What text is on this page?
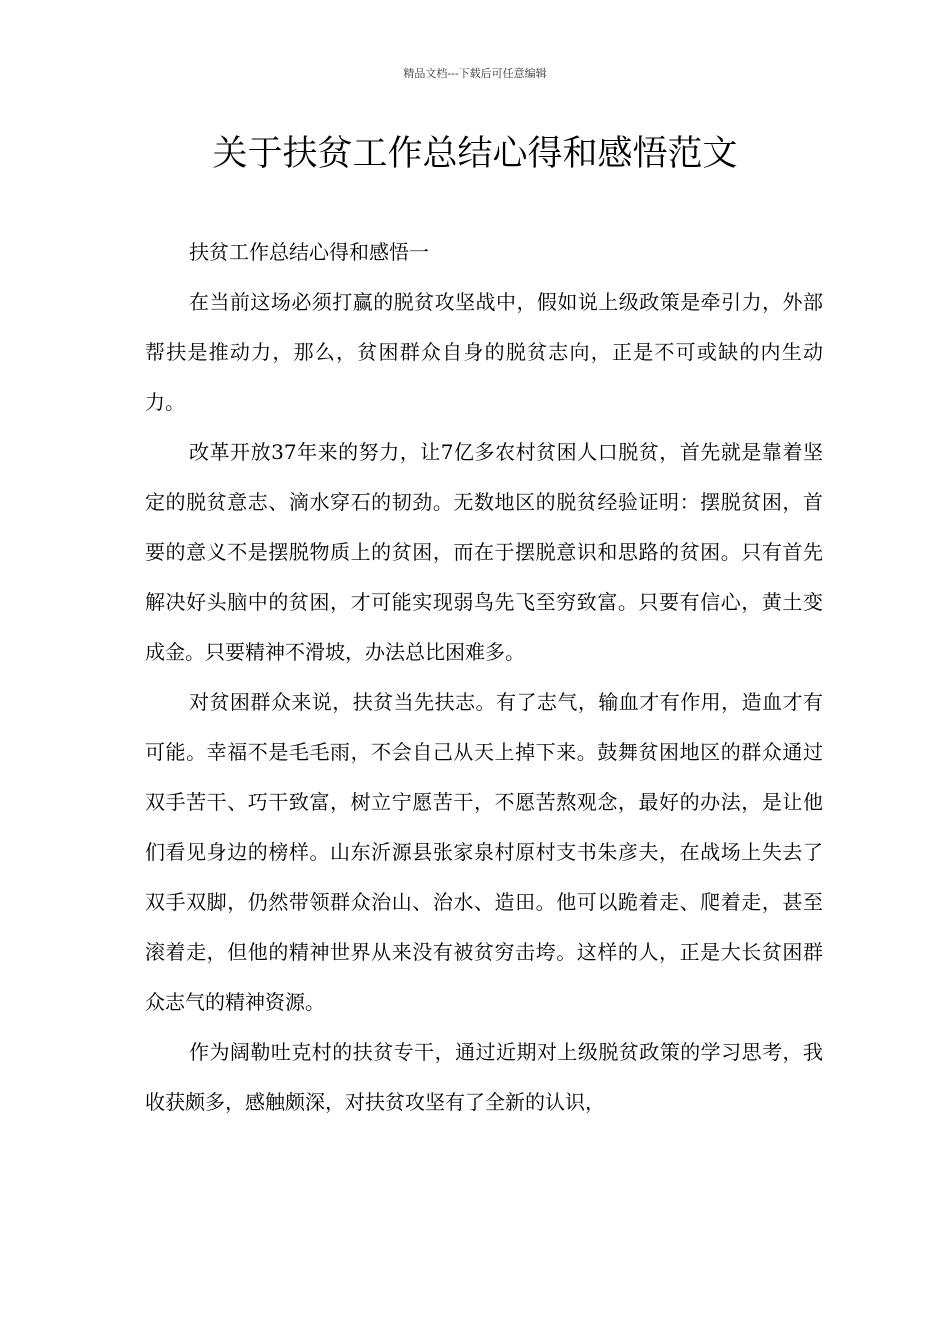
精品文档---下载后可任意编辑
关于扶贫工作总结心得和感悟范文
扶贫工作总结心得和感悟一

在当前这场必须打赢的脱贫攻坚战中，假如说上级政策是牵引力，外部帮扶是推动力，那么，贫困群众自身的脱贫志向，正是不可或缺的内生动力。

改革开放37年来的努力，让7亿多农村贫困人口脱贫，首先就是靠着坚定的脱贫意志、滴水穿石的韧劲。无数地区的脱贫经验证明：摆脱贫困，首要的意义不是摆脱物质上的贫困，而在于摆脱意识和思路的贫困。只有首先解决好头脑中的贫困，才可能实现弱鸟先飞至穷致富。只要有信心，黄土变成金。只要精神不滑坡，办法总比困难多。

对贫困群众来说，扶贫当先扶志。有了志气，输血才有作用，造血才有可能。幸福不是毛毛雨，不会自己从天上掉下来。鼓舞贫困地区的群众通过双手苦干、巧干致富，树立宁愿苦干，不愿苦熬观念，最好的办法，是让他们看见身边的榜样。山东沂源县张家泉村原村支书朱彦夫，在战场上失去了双手双脚，仍然带领群众治山、治水、造田。他可以跪着走、爬着走，甚至滚着走，但他的精神世界从来没有被贫穷击垮。这样的人，正是大长贫困群众志气的精神资源。

作为阔勒吐克村的扶贫专干，通过近期对上级脱贫政策的学习思考，我收获颇多，感触颇深，对扶贫攻坚有了全新的认识，
